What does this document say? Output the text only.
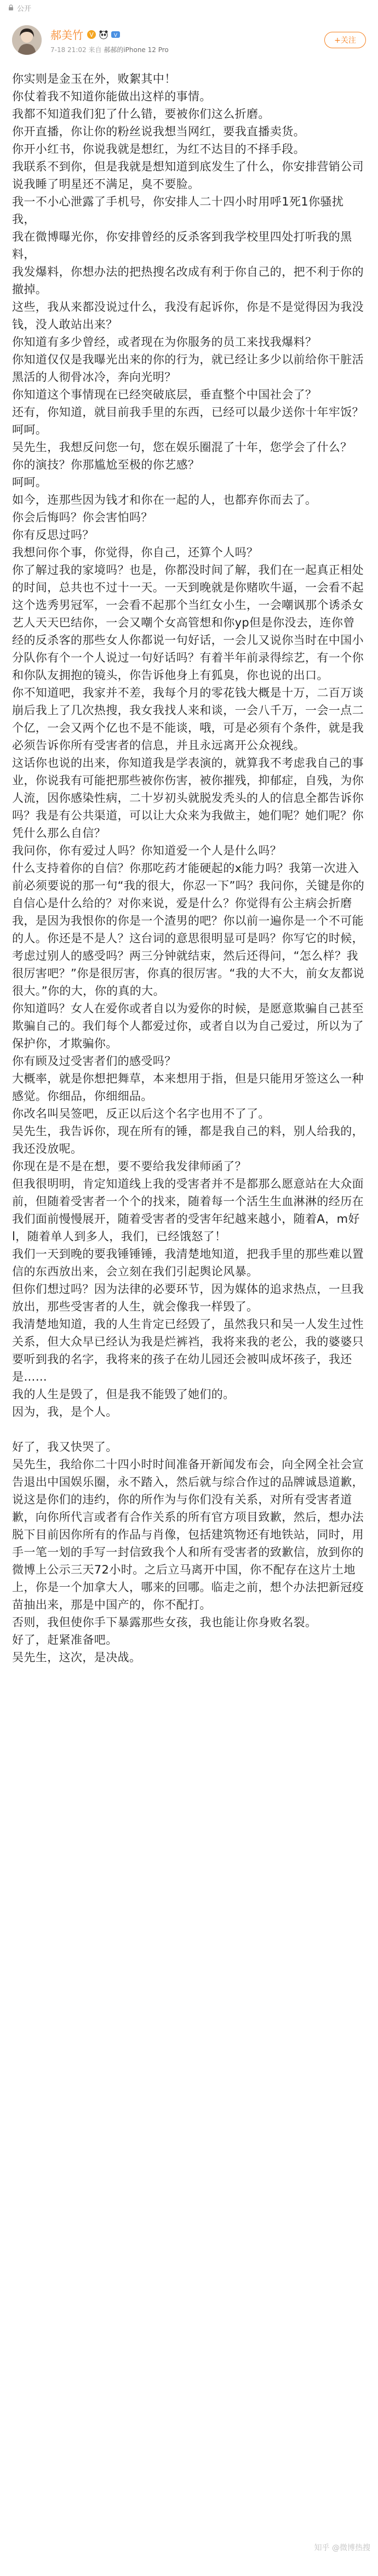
公开
郝美竹 V	V
7-18 21:02 来自 郝郝的iPhone 12 Pro
+关注

你实则是金玉在外，败絮其中！

你仗着我不知道你能做出这样的事情。

我都不知道我们犯了什么错，要被你们这么折磨。

你开直播，你让你的粉丝说我想当网红，要我直播卖货。

你开小红书，你说我就是想红，为红不达目的不择手段。

我联系不到你，但是我就是想知道到底发生了什么，你安排营销公司说我睡了明星还不满足，臭不要脸。

我一不小心泄露了手机号，你安排人二十四小时用呼1死1你骚扰我，

我在微博曝光你，你安排曾经的反杀客到我学校里四处打听我的黑料，

我发爆料，你想办法的把热搜名改成有利于你自己的，把不利于你的撤掉。

这些，我从来都没说过什么，我没有起诉你，你是不是觉得因为我没钱，没人敢站出来？

你知道有多少曾经，或者现在为你服务的员工来找我爆料？

你知道仅仅是我曝光出来的你的行为，就已经让多少以前给你干脏活黑活的人彻骨冰冷，奔向光明？

你知道这个事情现在已经突破底层，垂直整个中国社会了？

还有，你知道，就目前我手里的东西，已经可以最少送你十年牢饭？

呵呵。

吴先生，我想反问您一句，您在娱乐圈混了十年，您学会了什么？

你的演技？你那尴尬至极的你艺感？

呵呵。

如今，连那些因为钱才和你在一起的人，也都弃你而去了。

你会后悔吗？你会害怕吗？

你有反思过吗？

我想问你个事，你觉得，你自己，还算个人吗？

你了解过我的家境吗？也是，你都没时间了解，我们在一起真正相处的时间，总共也不过十一天。一天到晚就是你赌吹牛逼，一会看不起这个选秀男冠军，一会看不起那个当红女小生，一会嘲讽那个诱杀女艺人天天巴结你，一会又嘲个女高管想和你yp但是你没去，连你曾经的反杀客的那些女人你都说一句好话，一会儿又说你当时在中国小分队你有个一个人说过一句好话吗？有着半年前录得综艺，有一个你和你队友拥抱的镜头，你告诉他身上有狐臭，你也说的出口。

你不知道吧，我家并不差，我每个月的零花钱大概是十万，二百万谈崩后我上了几次热搜，我女我找人来和谈，一会八千万，一会一点二个亿，一会又两个亿也不是不能谈，哦，可是必须有个条件，就是我必须告诉你所有受害者的信息，并且永远离开公众视线。

这话你也说的出来，你知道我是学表演的，就算我不考虑我自己的事业，你说我有可能把那些被你伤害，被你摧残，抑郁症，自残，为你人流，因你感染性病，二十岁初头就脱发秃头的人的信息全都告诉你吗？我是有公共渠道，可以让大众来为我做主，她们呢？她们呢？你凭什么那么自信？

我问你，你有爱过人吗？你知道爱一个人是什么吗？

什么支持着你的自信？你那吃药才能硬起的x能力吗？我第一次进入前必须要说的那一句“我的很大，你忍一下”吗？我问你，关键是你的自信心是什么给的？对你来说，爱是什么？你觉得有公主病会折磨我，是因为我恨你的你是一个渣男的吧？你以前一遍你是一个不可能的人。你还是不是人？这台词的意思很明显可是吗？你写它的时候，考虑过别人的感受吗？两三分钟就结束，然后还得问，“怎么样？我很厉害吧？”你是很厉害，你真的很厉害。“我的大不大，前女友都说很大。”你的大，你的真的大。

你知道吗？女人在爱你或者自以为爱你的时候，是愿意欺骗自己甚至欺骗自己的。我们每个人都爱过你，或者自以为自己爱过，所以为了保护你，才欺骗你。

你有顾及过受害者们的感受吗？

大概率，就是你想把舞草，本来想用于指，但是只能用牙签这么一种感觉。你细品，你细细品。

你改名叫吴签吧，反正以后这个名字也用不了了。

吴先生，我告诉你，现在所有的锤，都是我自己的料，别人给我的，我还没放呢。

你现在是不是在想，要不要给我发律师函了？

但我很明明，肯定知道线上我的受害者并不是都那么愿意站在大众面前，但随着受害者一个个的找来，随着每一个活生生血淋淋的经历在我们面前慢慢展开，随着受害者的受害年纪越来越小，随着A，m好l，随着单人到多人，我们，已经饿怒了！

我们一天到晚的要我锤锤锤，我清楚地知道，把我手里的那些难以置信的东西放出来，会立刻在我们引起舆论风暴。

但你们想过吗？因为法律的必要环节，因为媒体的追求热点，一旦我放出，那些受害者的人生，就会像我一样毁了。

我清楚地知道，我的人生肯定已经毁了，虽然我只和吴一人发生过性关系，但大众早已经认为我是烂裤裆，我将来我的老公，我的婆婆只要听到我的名字，我将来的孩子在幼儿园还会被叫成坏孩子，我还是……

我的人生是毁了，但是我不能毁了她们的。

因为，我，是个人。

好了，我又快哭了。

吴先生，我给你二十四小时时间准备开新闻发布会，向全网全社会宣告退出中国娱乐圈，永不踏入，然后就与综合作过的品牌诚恳道歉，说这是你们的违约，你的所作为与你们没有关系，对所有受害者道歉，向你所代言或者有合作关系的所有官方项目致歉，然后，想办法脱下目前因你所有的作品与肖像，包括建筑物还有地铁站，同时，用手一笔一划的手写一封信致我个人和所有受害者的致歉信，放到你的微博上公示三天72小时。之后立马离开中国，你不配存在这片土地上，你是一个加拿大人，哪来的回哪。临走之前，想个办法把新冠疫苗抽出来，那是中国产的，你不配打。

否则，我但使你手下暴露那些女孩，我也能让你身败名裂。

好了，赶紧准备吧。

吴先生，这次，是决战。

知乎 @微博热搜
